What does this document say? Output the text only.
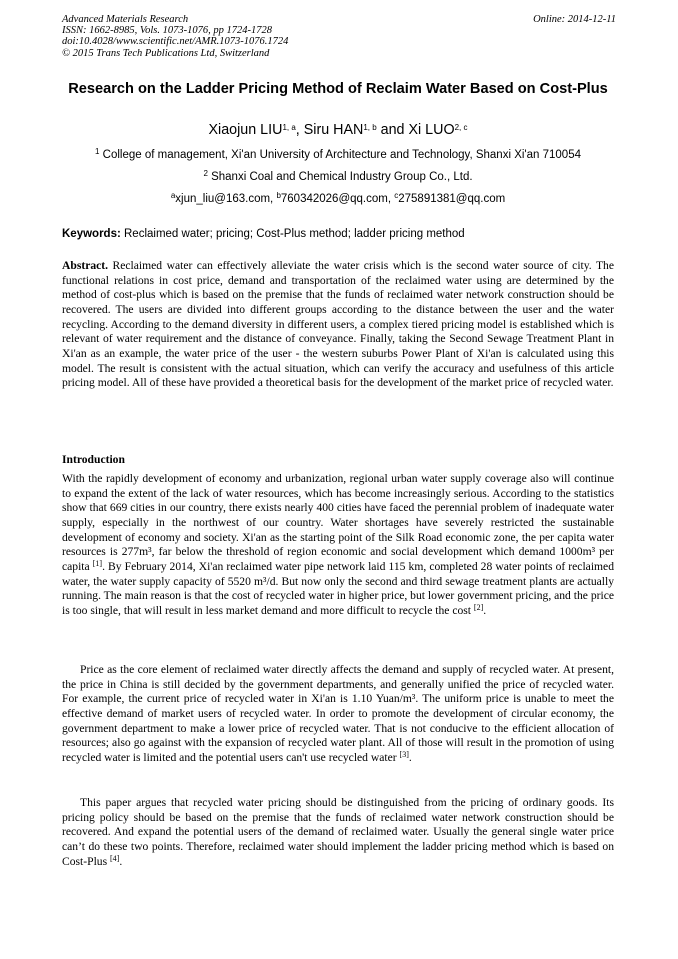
Advanced Materials Research
ISSN: 1662-8985, Vols. 1073-1076, pp 1724-1728
doi:10.4028/www.scientific.net/AMR.1073-1076.1724
© 2015 Trans Tech Publications Ltd, Switzerland
Online: 2014-12-11
Research on the Ladder Pricing Method of Reclaim Water Based on Cost-Plus
Xiaojun LIU$^{1, a}$, Siru HAN$^{1, b}$ and Xi LUO$^{2, c}$
$^1$ College of management, Xi'an University of Architecture and Technology, Shanxi Xi'an 710054
$^2$ Shanxi Coal and Chemical Industry Group Co., Ltd.
$^a$xjun_liu@163.com, $^b$760342026@qq.com, $^c$275891381@qq.com
Keywords: Reclaimed water; pricing; Cost-Plus method; ladder pricing method

Abstract. Reclaimed water can effectively alleviate the water crisis which is the second water source of city. The functional relations in cost price, demand and transportation of the reclaimed water using are determined by the method of cost-plus which is based on the premise that the funds of reclaimed water network construction should be recovered. The users are divided into different groups according to the distance between the user and the water recycling. According to the demand diversity in different users, a complex tiered pricing model is established which is relevant of water requirement and the distance of conveyance. Finally, taking the Second Sewage Treatment Plant in Xi'an as an example, the water price of the user - the western suburbs Power Plant of Xi'an is calculated using this model. The result is consistent with the actual situation, which can verify the accuracy and usefulness of this article pricing model. All of these have provided a theoretical basis for the development of the market price of recycled water.

Introduction

With the rapidly development of economy and urbanization, regional urban water supply coverage also will continue to expand the extent of the lack of water resources, which has become increasingly serious. According to the statistics show that 669 cities in our country, there exists nearly 400 cities have faced the perennial problem of inadequate water supply, especially in the northwest of our country. Water shortages have severely restricted the sustainable development of economy and society. Xi'an as the starting point of the Silk Road economic zone, the per capita water resources is 277m³, far below the threshold of region economic and social development which demand 1000m³ per capita [1]. By February 2014, Xi'an reclaimed water pipe network laid 115 km, completed 28 water points of reclaimed water, the water supply capacity of 5520 m³/d. But now only the second and third sewage treatment plants are actually running. The main reason is that the cost of recycled water in higher price, but lower government pricing, and the price is too single, that will result in less market demand and more difficult to recycle the cost [2].

Price as the core element of reclaimed water directly affects the demand and supply of recycled water. At present, the price in China is still decided by the government departments, and generally unified the price of recycled water. For example, the current price of recycled water in Xi'an is 1.10 Yuan/m³. The uniform price is unable to meet the effective demand of market users of recycled water. In order to promote the development of circular economy, the government department to make a lower price of recycled water. That is not conducive to the efficient allocation of resources; also go against with the expansion of recycled water plant. All of those will result in the promotion of using recycled water is limited and the potential users can't use recycled water [3].

This paper argues that recycled water pricing should be distinguished from the pricing of ordinary goods. Its pricing policy should be based on the premise that the funds of reclaimed water network construction should be recovered. And expand the potential users of the demand of reclaimed water. Usually the general single water price can’t do these two points. Therefore, reclaimed water should implement the ladder pricing method which is based on Cost-Plus [4].
